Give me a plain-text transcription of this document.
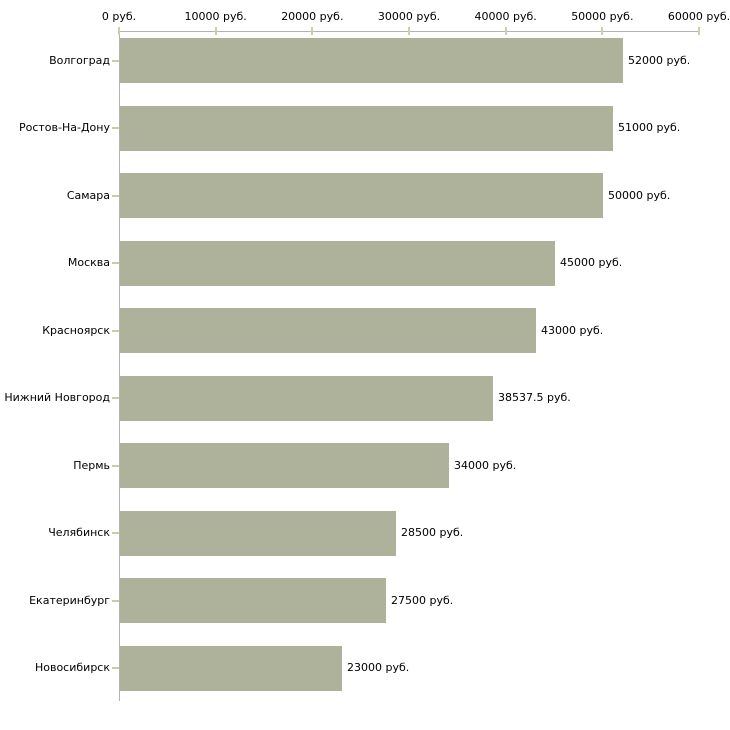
0 руб.	10000 руб.	20000 руб.	30000 руб.	40000 руб.	50000 руб.	60000 руб.
Волгоград	52000 руб.
Ростов-На-Дону	51000 руб.
Самара	50000 руб.
Москва	45000 руб.
Красноярск	43000 руб.
Нижний Новгород	38537.5 руб.
Пермь	34000 руб.
Челябинск	28500 руб.
Екатеринбург	27500 руб.
Новосибирск	23000 руб.
